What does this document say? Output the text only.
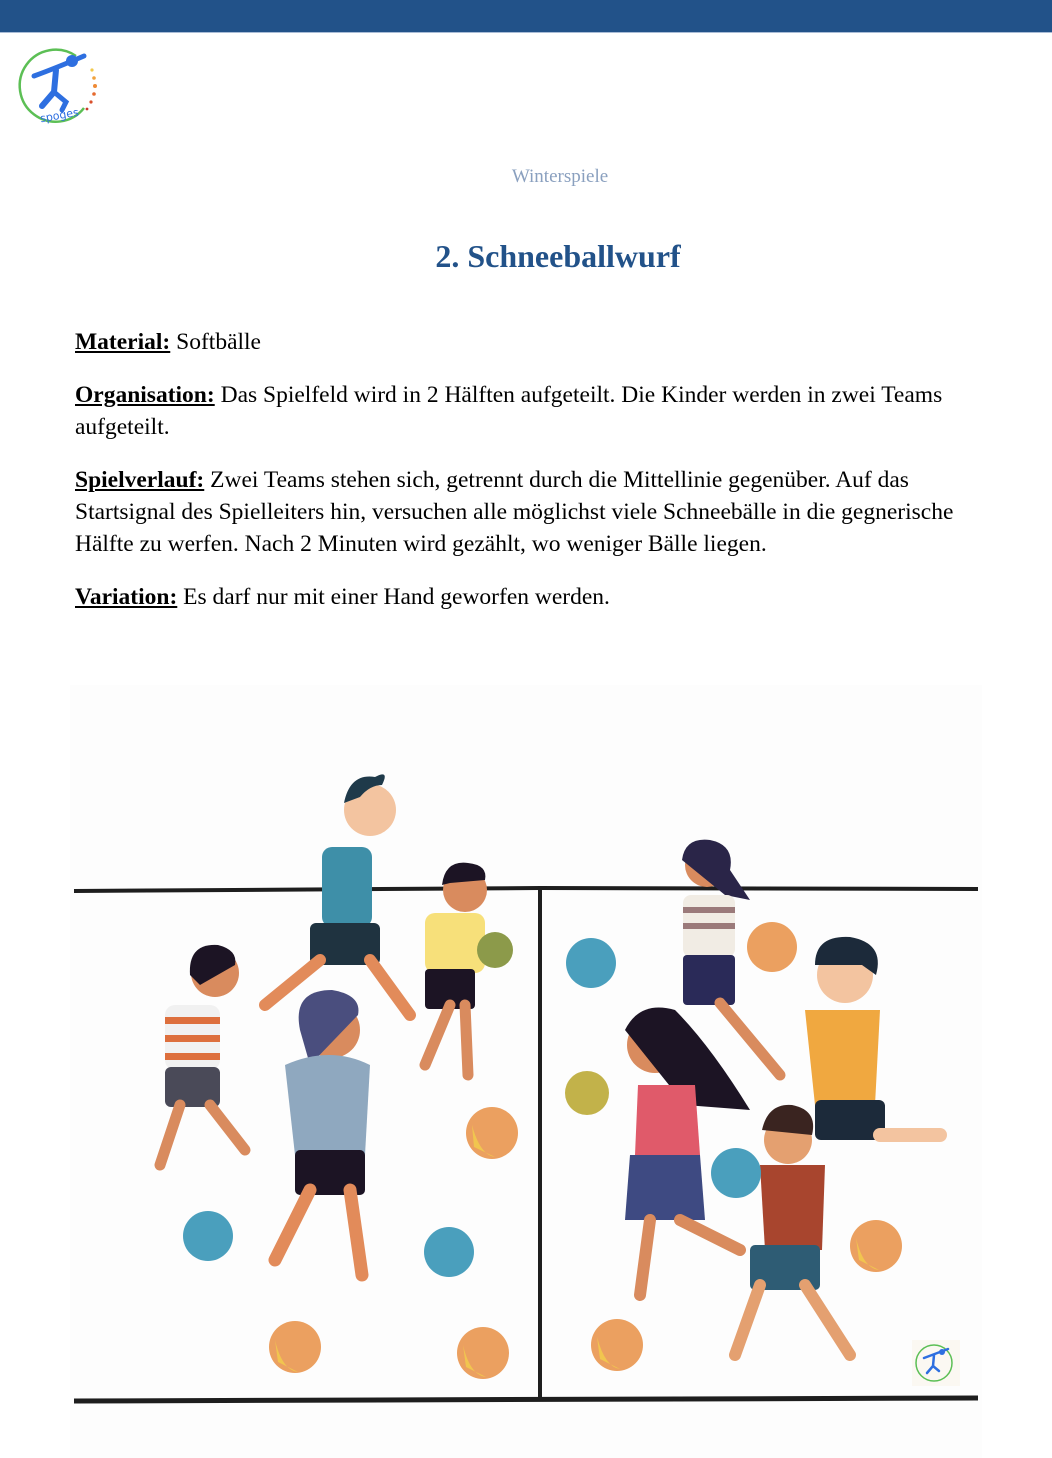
spoges
Winterspiele
2. Schneeballwurf

Material: Softbälle

Organisation: Das Spielfeld wird in 2 Hälften aufgeteilt. Die Kinder werden in zwei Teams aufgeteilt.

Spielverlauf: Zwei Teams stehen sich, getrennt durch die Mittellinie gegenüber. Auf das Startsignal des Spielleiters hin, versuchen alle möglichst viele Schneebälle in die gegnerische Hälfte zu werfen. Nach 2 Minuten wird gezählt, wo weniger Bälle liegen.

Variation: Es darf nur mit einer Hand geworfen werden.
